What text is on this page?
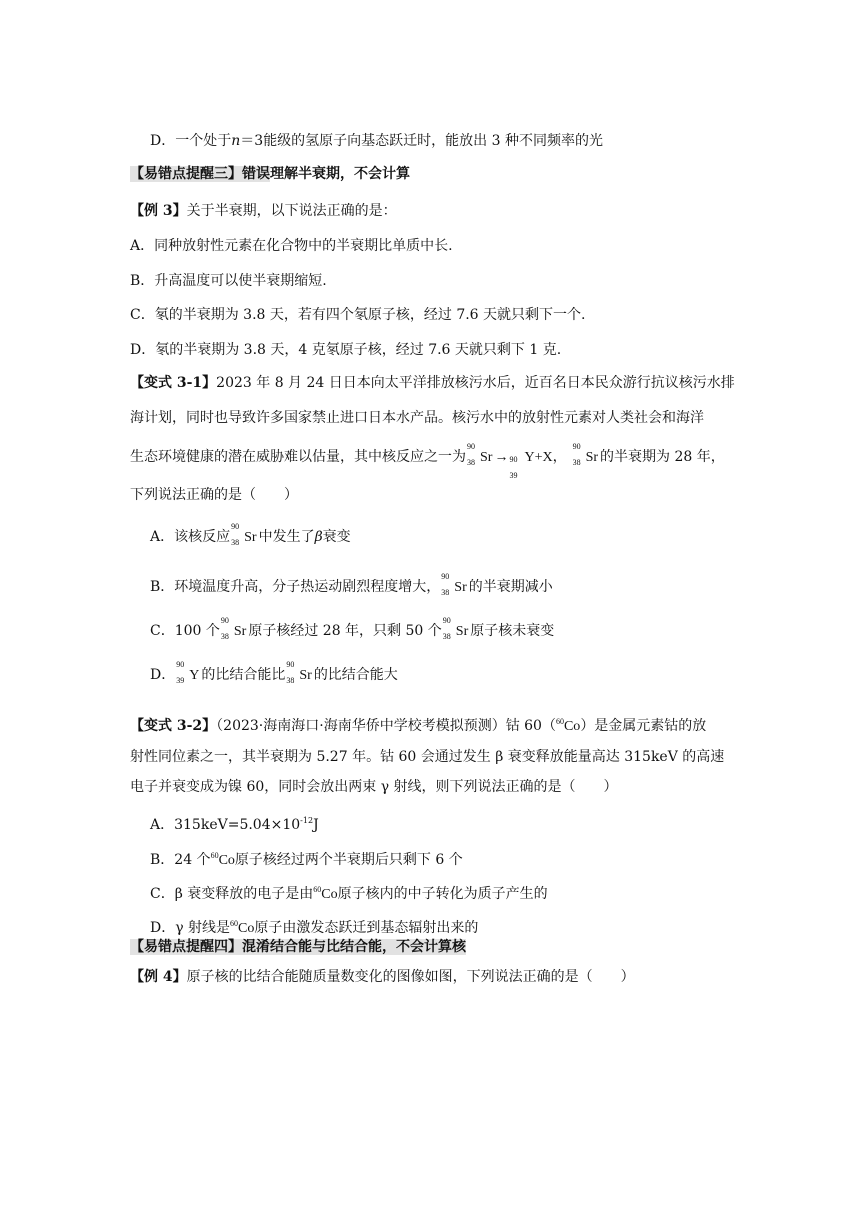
D．一个处于n＝3能级的氢原子向基态跃迁时，能放出 3 种不同频率的光
【易错点提醒三】错误理解半衰期，不会计算
【例 3】关于半衰期，以下说法正确的是：
A．同种放射性元素在化合物中的半衰期比单质中长.
B．升高温度可以使半衰期缩短.
C．氡的半衰期为 3.8 天，若有四个氡原子核，经过 7.6 天就只剩下一个.
D．氡的半衰期为 3.8 天，4 克氡原子核，经过 7.6 天就只剩下 1 克.
【变式 3-1】2023 年 8 月 24 日日本向太平洋排放核污水后，近百名日本民众游行抗议核污水排
海计划，同时也导致许多国家禁止进口日本水产品。核污水中的放射性元素对人类社会和海洋
生态环境健康的潜在威胁难以估量，其中核反应之一为
90
38 Sr → 90
39
Y+X，
90
38 Sr 的半衰期为 28 年，
下列说法正确的是（　　）
A．该核反应
90
38 Sr 中发生了β衰变
B．环境温度升高，分子热运动剧烈程度增大，
90
38 Sr 的半衰期减小
C．100 个
90
38 Sr 原子核经过 28 年，只剩 50 个
90
38 Sr 原子核未衰变
D．
90
39 Y 的比结合能比
90
38 Sr 的比结合能大
【变式 3-2】（2023·海南海口·海南华侨中学校考模拟预测）钴 60（$^{60}$Co）是金属元素钴的放
射性同位素之一，其半衰期为 5.27 年。钴 60 会通过发生 β 衰变释放能量高达 315keV 的高速
电子并衰变成为镍 60，同时会放出两束 γ 射线，则下列说法正确的是（　　）
A．$315keV=5.04\times 10^{-12}J$
B．24 个$^{60}$Co原子核经过两个半衰期后只剩下 6 个
C．β 衰变释放的电子是由$^{60}$Co原子核内的中子转化为质子产生的
D．γ 射线是$^{60}$Co原子由激发态跃迁到基态辐射出来的
【易错点提醒四】混淆结合能与比结合能，不会计算核
【例 4】原子核的比结合能随质量数变化的图像如图，下列说法正确的是（　　）
